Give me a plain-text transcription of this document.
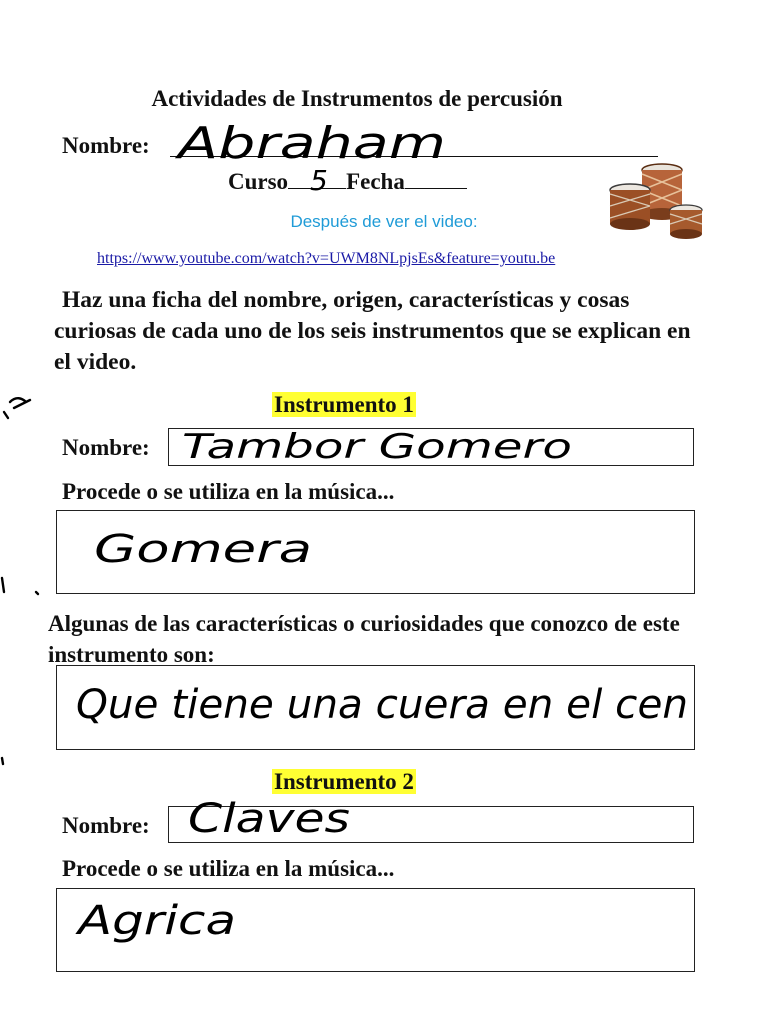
Actividades de Instrumentos de percusión
Nombre: Abraham
Curso	Fecha
5
Después de ver el video:
https://www.youtube.com/watch?v=UWM8NLpjsEs&feature=youtu.be
Haz una ficha del nombre, origen, características y cosas curiosas de cada uno de los seis instrumentos que se explican en el video.
Instrumento 1
Nombre: Tambor Gomero
Procede o se utiliza en la música...
Gomera
Algunas de las características o curiosidades que conozco de este instrumento son:
Que tiene una cuera en el cen
Instrumento 2
Nombre: Claves
Procede o se utiliza en la música...
Agrica
